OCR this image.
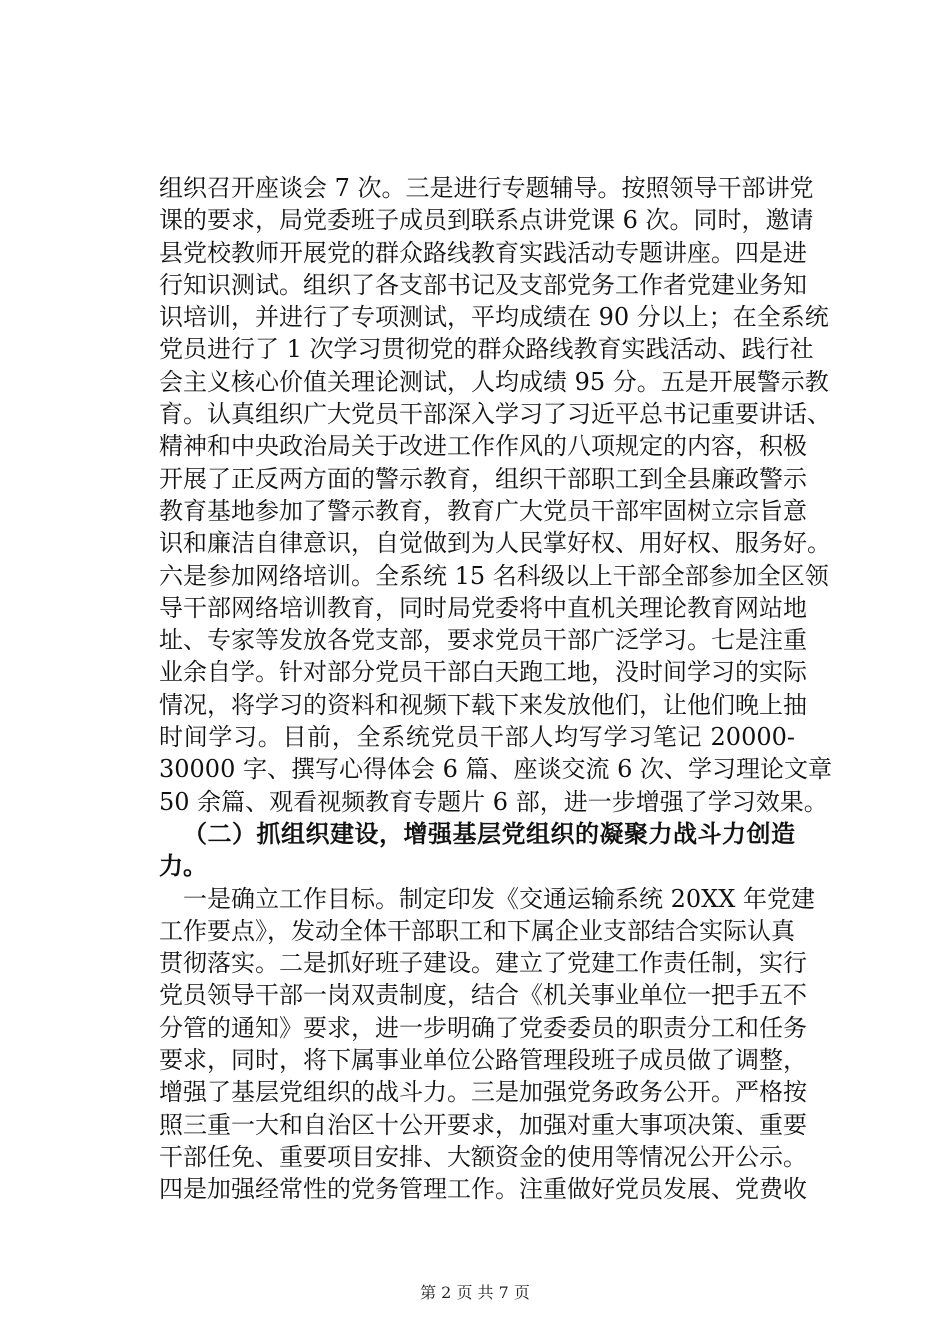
组织召开座谈会 7 次。三是进行专题辅导。按照领导干部讲党
课的要求，局党委班子成员到联系点讲党课 6 次。同时，邀请
县党校教师开展党的群众路线教育实践活动专题讲座。四是进
行知识测试。组织了各支部书记及支部党务工作者党建业务知
识培训，并进行了专项测试，平均成绩在 90 分以上；在全系统
党员进行了 1 次学习贯彻党的群众路线教育实践活动、践行社
会主义核心价值关理论测试，人均成绩 95 分。五是开展警示教
育。认真组织广大党员干部深入学习了习近平总书记重要讲话、
精神和中央政治局关于改进工作作风的八项规定的内容，积极
开展了正反两方面的警示教育，组织干部职工到全县廉政警示
教育基地参加了警示教育，教育广大党员干部牢固树立宗旨意
识和廉洁自律意识，自觉做到为人民掌好权、用好权、服务好。
六是参加网络培训。全系统 15 名科级以上干部全部参加全区领
导干部网络培训教育，同时局党委将中直机关理论教育网站地
址、专家等发放各党支部，要求党员干部广泛学习。七是注重
业余自学。针对部分党员干部白天跑工地，没时间学习的实际
情况，将学习的资料和视频下载下来发放他们，让他们晚上抽
时间学习。目前，全系统党员干部人均写学习笔记 20000-
30000 字、撰写心得体会 6 篇、座谈交流 6 次、学习理论文章
50 余篇、观看视频教育专题片 6 部，进一步增强了学习效果。
（二）抓组织建设，增强基层党组织的凝聚力战斗力创造
力。
一是确立工作目标。制定印发《交通运输系统 20XX 年党建
工作要点》，发动全体干部职工和下属企业支部结合实际认真
贯彻落实。二是抓好班子建设。建立了党建工作责任制，实行
党员领导干部一岗双责制度，结合《机关事业单位一把手五不
分管的通知》要求，进一步明确了党委委员的职责分工和任务
要求，同时，将下属事业单位公路管理段班子成员做了调整，
增强了基层党组织的战斗力。三是加强党务政务公开。严格按
照三重一大和自治区十公开要求，加强对重大事项决策、重要
干部任免、重要项目安排、大额资金的使用等情况公开公示。
四是加强经常性的党务管理工作。注重做好党员发展、党费收
第 2 页 共 7 页
